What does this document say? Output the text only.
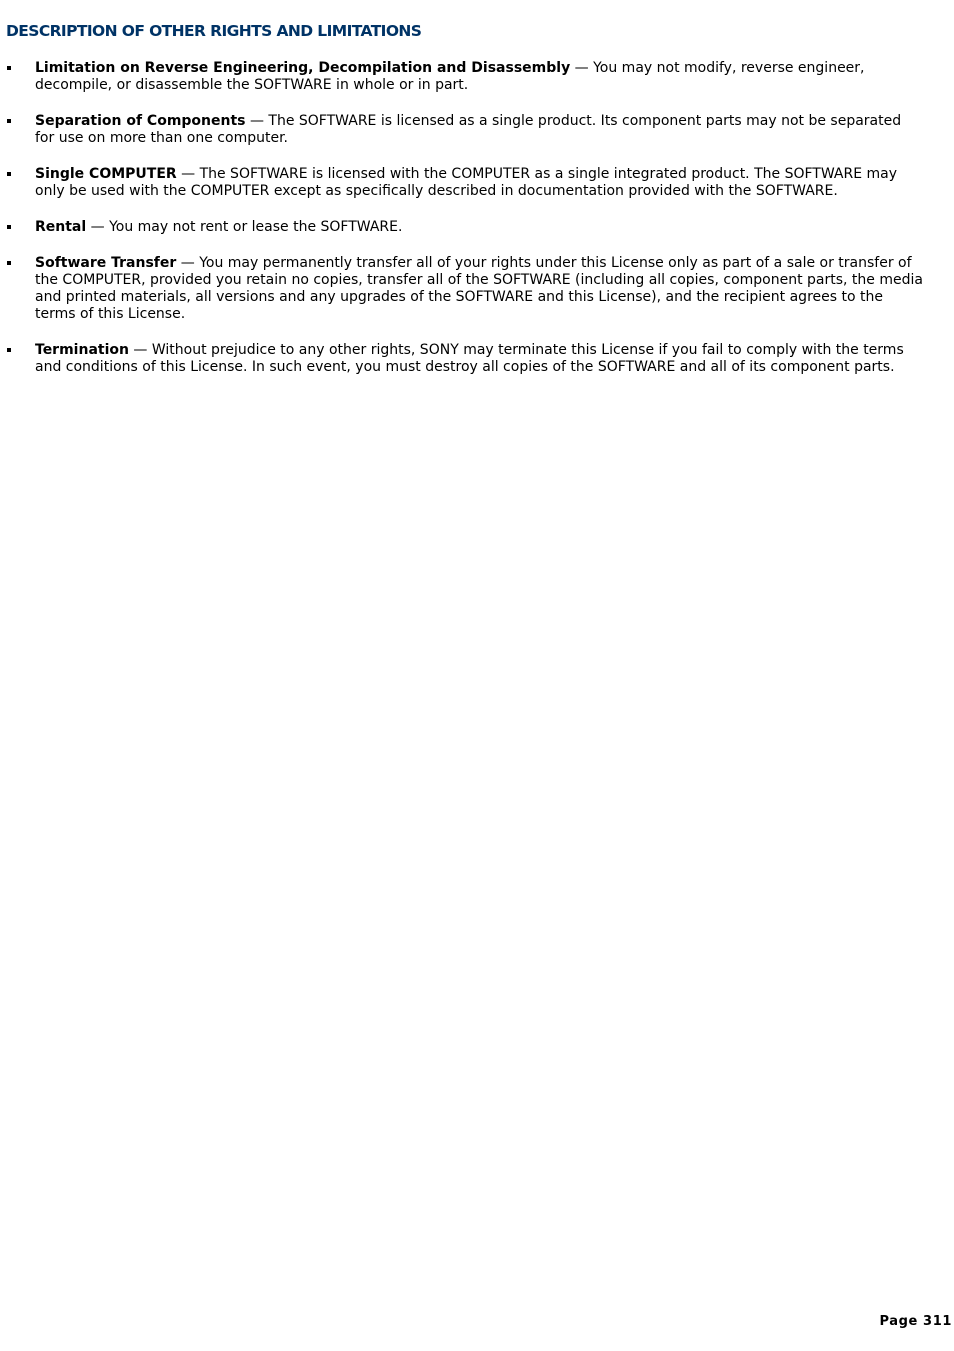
DESCRIPTION OF OTHER RIGHTS AND LIMITATIONS
Limitation on Reverse Engineering, Decompilation and Disassembly — You may not modify, reverse engineer, decompile, or disassemble the SOFTWARE in whole or in part.
Separation of Components — The SOFTWARE is licensed as a single product. Its component parts may not be separated for use on more than one computer.
Single COMPUTER — The SOFTWARE is licensed with the COMPUTER as a single integrated product. The SOFTWARE may only be used with the COMPUTER except as specifically described in documentation provided with the SOFTWARE.
Rental — You may not rent or lease the SOFTWARE.
Software Transfer — You may permanently transfer all of your rights under this License only as part of a sale or transfer of the COMPUTER, provided you retain no copies, transfer all of the SOFTWARE (including all copies, component parts, the media and printed materials, all versions and any upgrades of the SOFTWARE and this License), and the recipient agrees to the terms of this License.
Termination — Without prejudice to any other rights, SONY may terminate this License if you fail to comply with the terms and conditions of this License. In such event, you must destroy all copies of the SOFTWARE and all of its component parts.
Page 311
